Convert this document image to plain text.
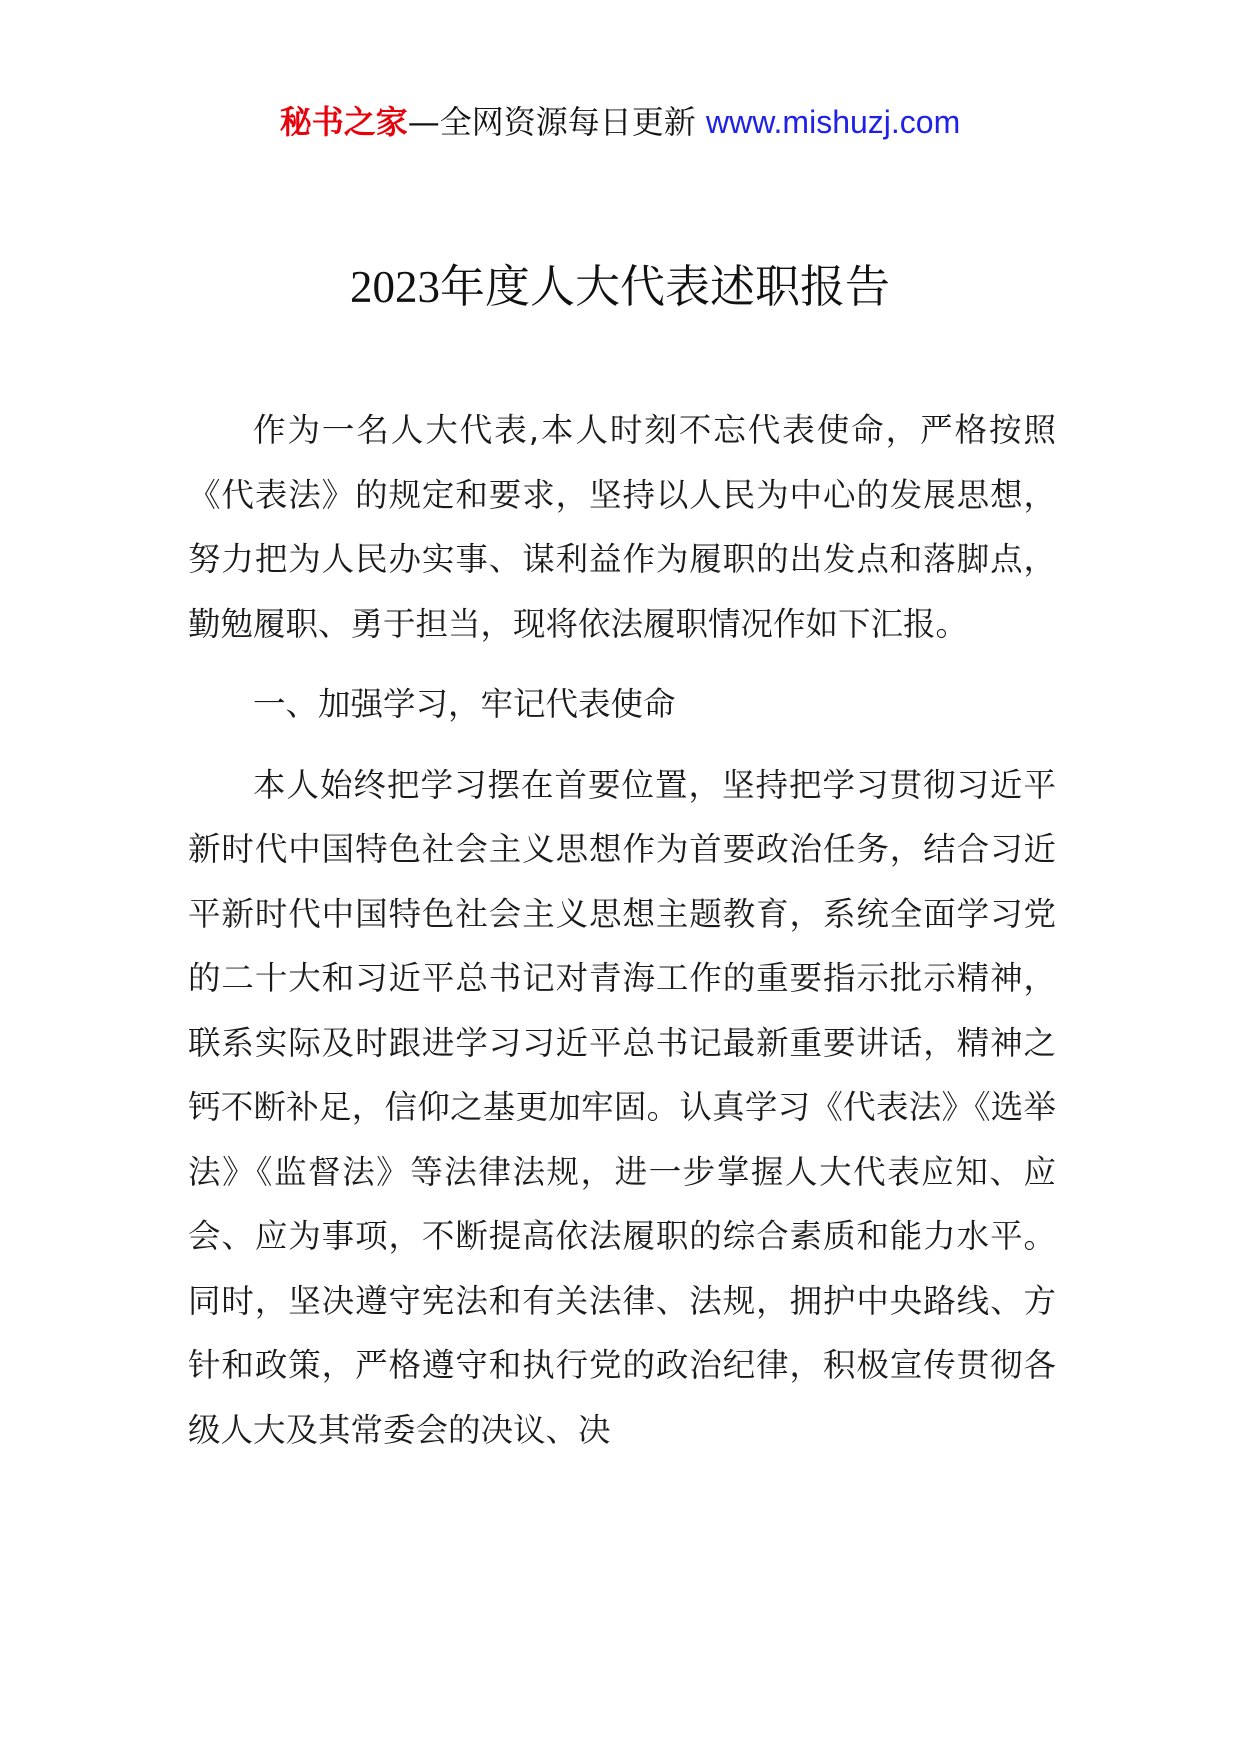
秘书之家—全网资源每日更新 www.mishuzj.com
2023年度人大代表述职报告

作为一名人大代表,本人时刻不忘代表使命，严格按照《代表法》的规定和要求，坚持以人民为中心的发展思想，努力把为人民办实事、谋利益作为履职的出发点和落脚点，勤勉履职、勇于担当，现将依法履职情况作如下汇报。

一、加强学习，牢记代表使命

本人始终把学习摆在首要位置，坚持把学习贯彻习近平新时代中国特色社会主义思想作为首要政治任务，结合习近平新时代中国特色社会主义思想主题教育，系统全面学习党的二十大和习近平总书记对青海工作的重要指示批示精神，联系实际及时跟进学习习近平总书记最新重要讲话，精神之钙不断补足，信仰之基更加牢固。认真学习《代表法》《选举法》《监督法》等法律法规，进一步掌握人大代表应知、应会、应为事项，不断提高依法履职的综合素质和能力水平。同时，坚决遵守宪法和有关法律、法规，拥护中央路线、方针和政策，严格遵守和执行党的政治纪律，积极宣传贯彻各级人大及其常委会的决议、决
